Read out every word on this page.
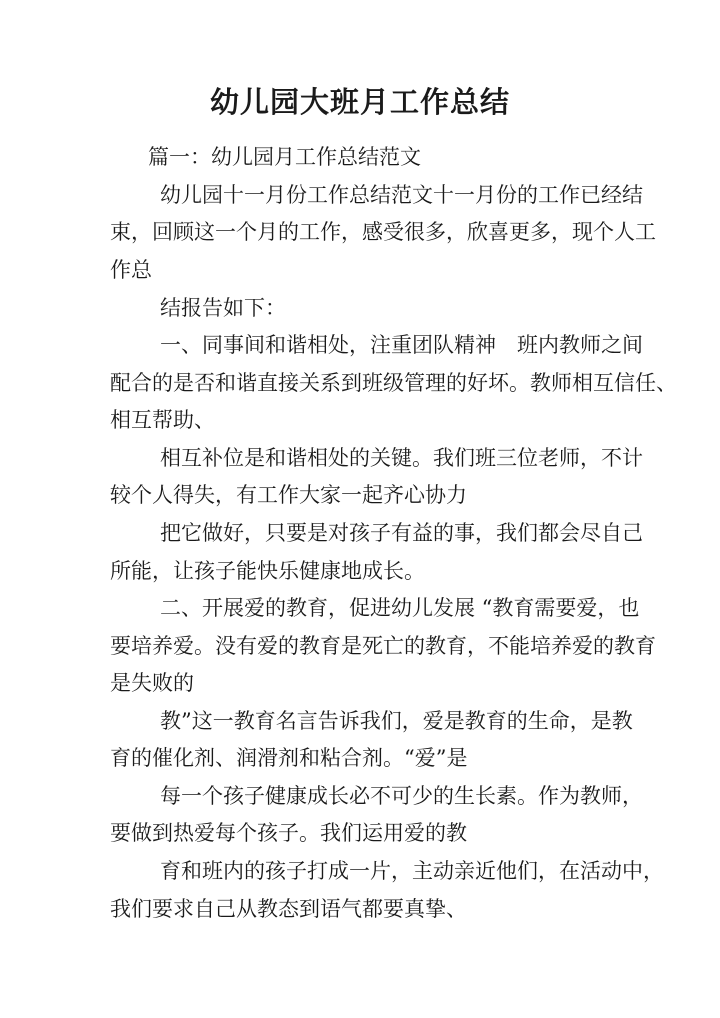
幼儿园大班月工作总结
篇一：幼儿园月工作总结范文
幼儿园十一月份工作总结范文十一月份的工作已经结
束，回顾这一个月的工作，感受很多，欣喜更多，现个人工
作总
结报告如下：
一、同事间和谐相处，注重团队精神　班内教师之间
配合的是否和谐直接关系到班级管理的好坏。教师相互信任、
相互帮助、
相互补位是和谐相处的关键。我们班三位老师，不计
较个人得失，有工作大家一起齐心协力
把它做好，只要是对孩子有益的事，我们都会尽自己
所能，让孩子能快乐健康地成长。
二、开展爱的教育，促进幼儿发展 “教育需要爱，也
要培养爱。没有爱的教育是死亡的教育，不能培养爱的教育
是失败的
教”这一教育名言告诉我们，爱是教育的生命，是教
育的催化剂、润滑剂和粘合剂。“爱”是
每一个孩子健康成长必不可少的生长素。作为教师，
要做到热爱每个孩子。我们运用爱的教
育和班内的孩子打成一片，主动亲近他们，在活动中，
我们要求自己从教态到语气都要真挚、
